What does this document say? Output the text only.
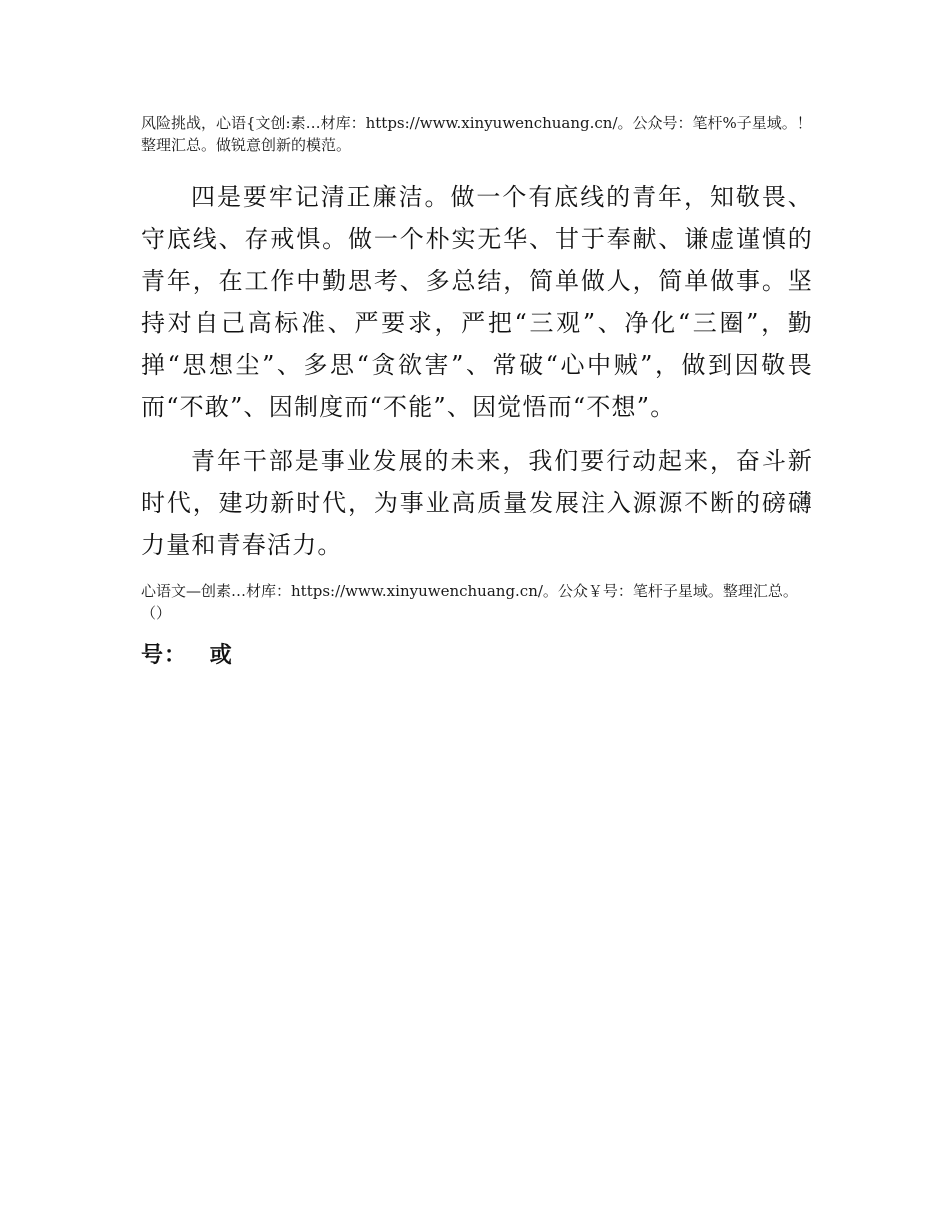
风险挑战，心语{文创:素…材库：https://www.xinyuwenchuang.cn/。公众号：笔杆%子星域。！整理汇总。做锐意创新的模范。

四是要牢记清正廉洁。做一个有底线的青年，知敬畏、守底线、存戒惧。做一个朴实无华、甘于奉献、谦虚谨慎的青年，在工作中勤思考、多总结，简单做人，简单做事。坚持对自己高标准、严要求，严把“三观”、净化“三圈”，勤掸“思想尘”、多思“贪欲害”、常破“心中贼”，做到因敬畏而“不敢”、因制度而“不能”、因觉悟而“不想”。

青年干部是事业发展的未来，我们要行动起来，奋斗新时代，建功新时代，为事业高质量发展注入源源不断的磅礴力量和青春活力。

心语文—创素…材库：https://www.xinyuwenchuang.cn/。公众￥号：笔杆子星域。整理汇总。 （）

号： 或
